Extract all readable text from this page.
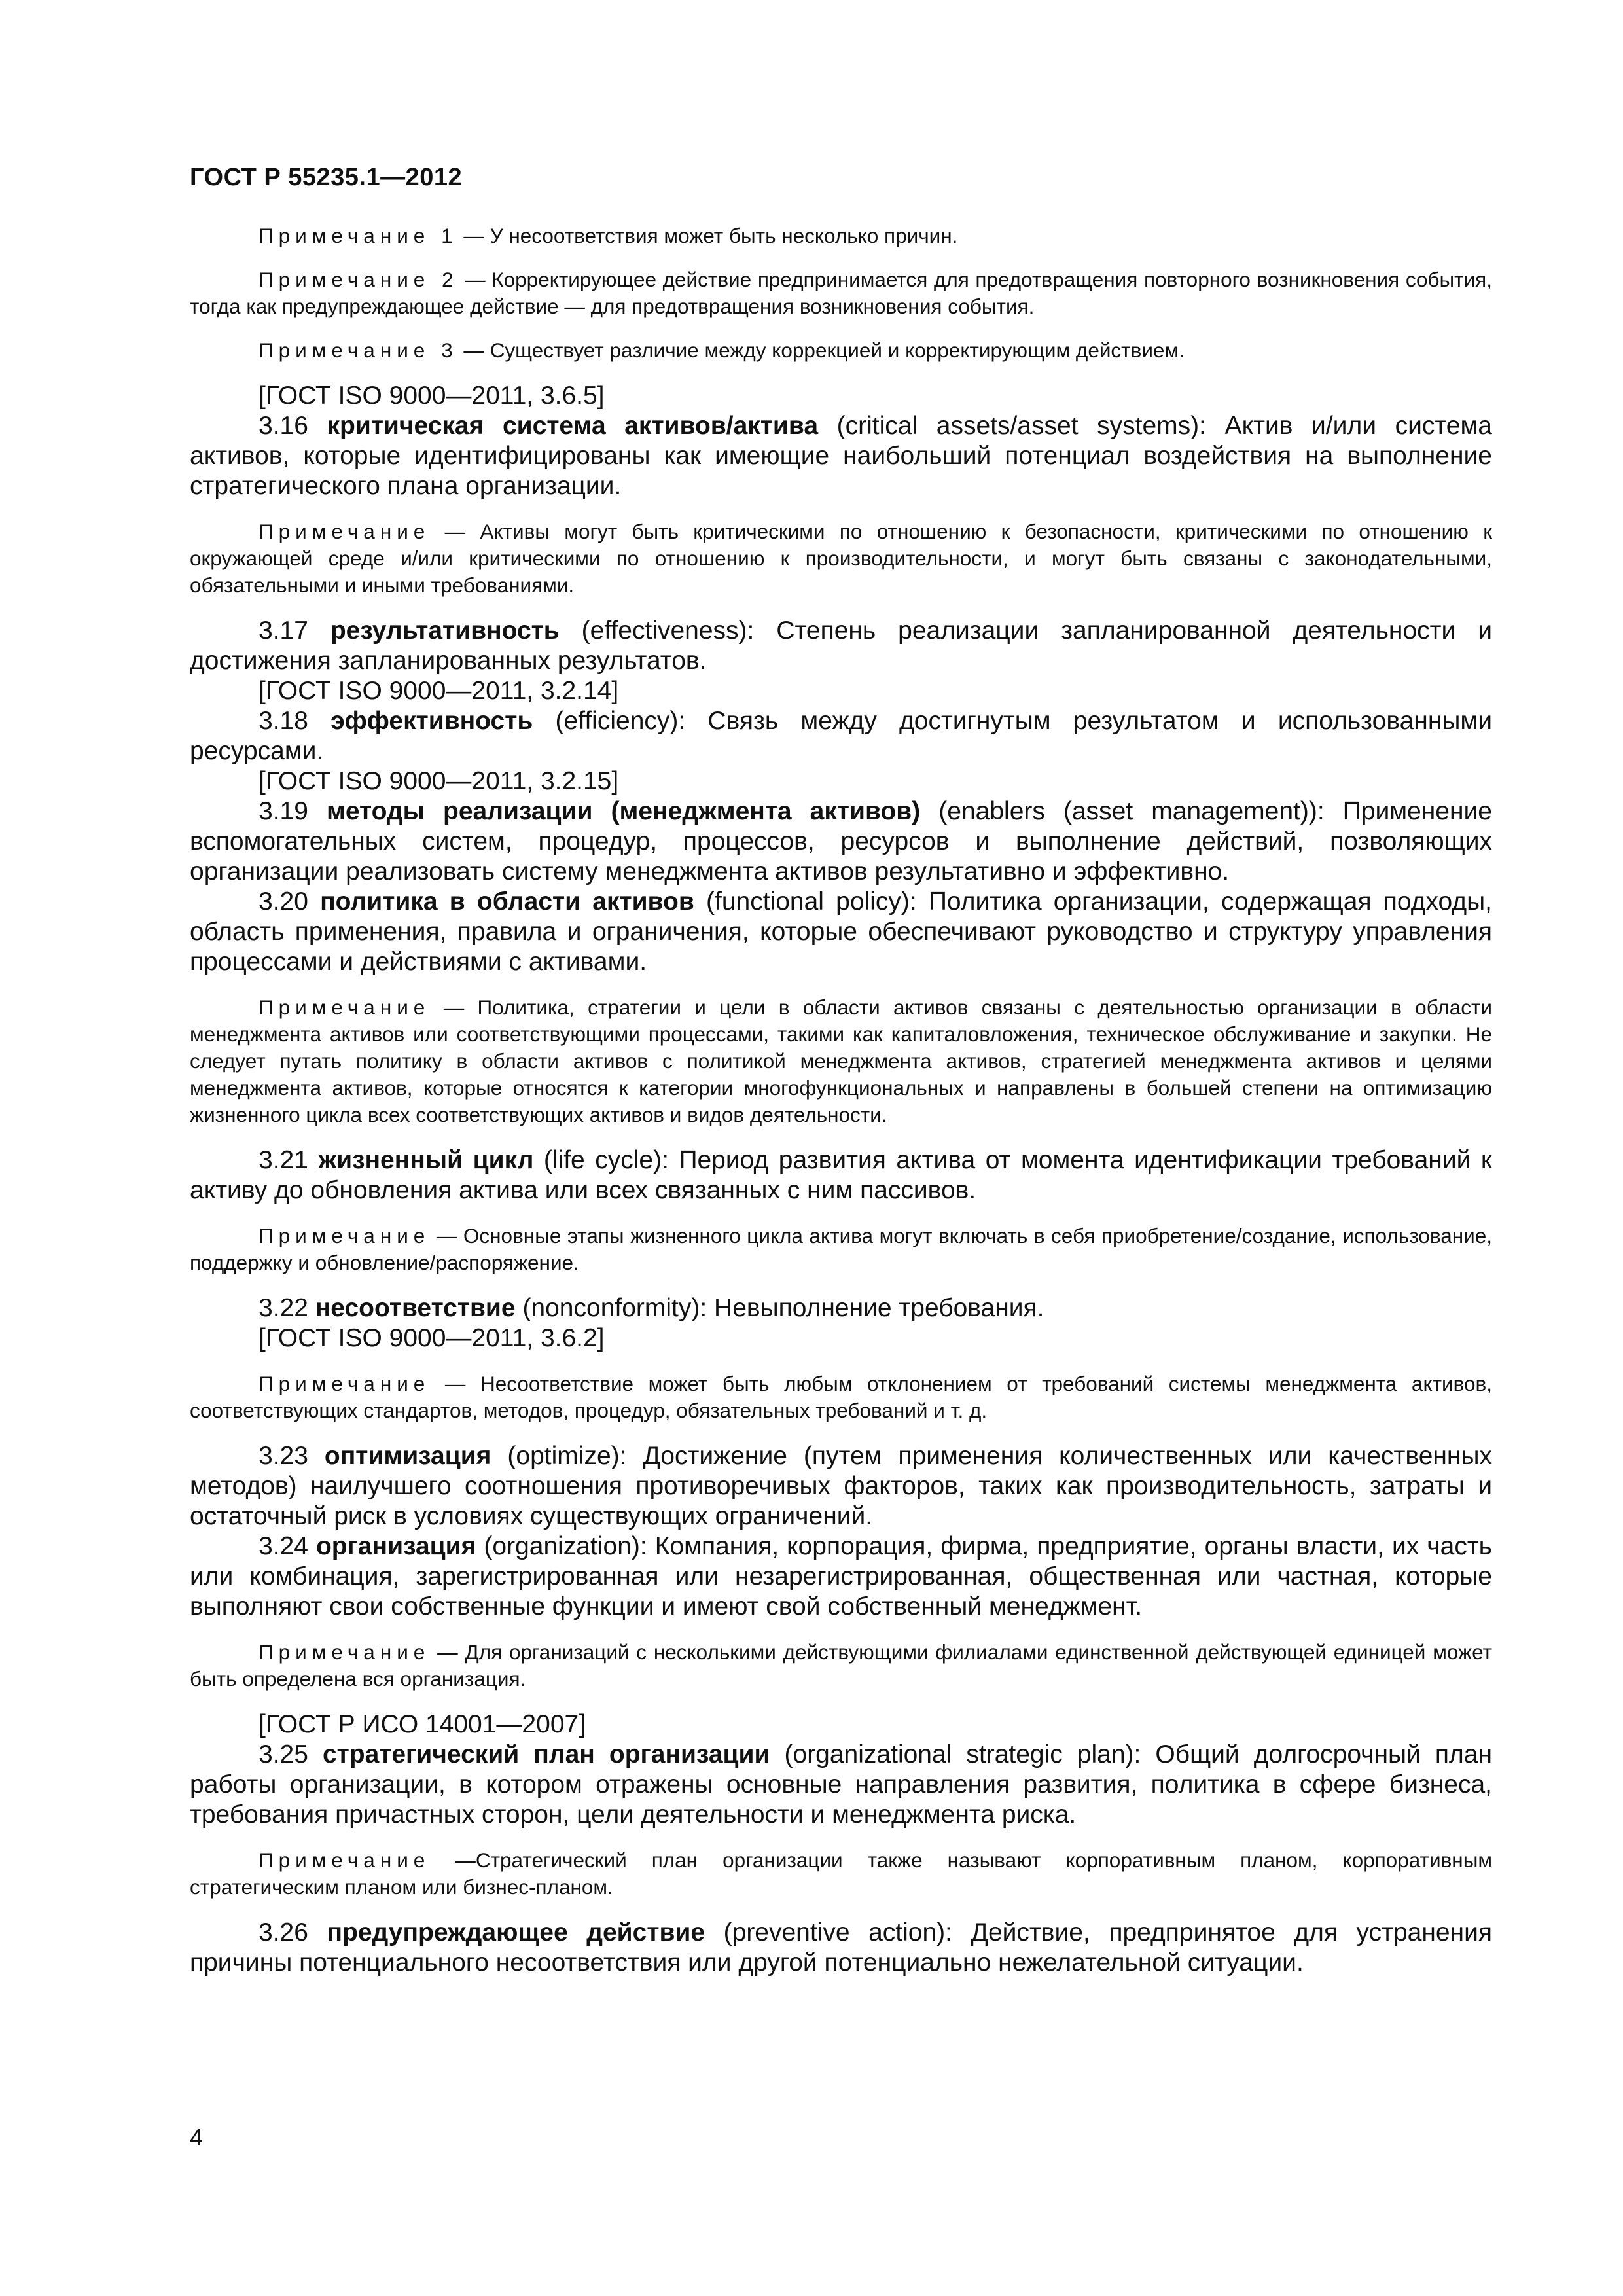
ГОСТ Р 55235.1—2012

Примечание 1 — У несоответствия может быть несколько причин.

Примечание 2 — Корректирующее действие предпринимается для предотвращения повторного возникновения события, тогда как предупреждающее действие — для предотвращения возникновения события.

Примечание 3 — Существует различие между коррекцией и корректирующим действием.

[ГОСТ ISO 9000—2011, 3.6.5]

3.16 критическая система активов/актива (critical assets/asset systems): Актив и/или система активов, которые идентифицированы как имеющие наибольший потенциал воздействия на выполнение стратегического плана организации.

Примечание — Активы могут быть критическими по отношению к безопасности, критическими по отношению к окружающей среде и/или критическими по отношению к производительности, и могут быть связаны с законодательными, обязательными и иными требованиями.

3.17 результативность (effectiveness): Степень реализации запланированной деятельности и достижения запланированных результатов.

[ГОСТ ISO 9000—2011, 3.2.14]

3.18 эффективность (efficiency): Связь между достигнутым результатом и использованными ресурсами.

[ГОСТ ISO 9000—2011, 3.2.15]

3.19 методы реализации (менеджмента активов) (enablers (asset management)): Применение вспомогательных систем, процедур, процессов, ресурсов и выполнение действий, позволяющих организации реализовать систему менеджмента активов результативно и эффективно.

3.20 политика в области активов (functional policy): Политика организации, содержащая подходы, область применения, правила и ограничения, которые обеспечивают руководство и структуру управления процессами и действиями с активами.

Примечание — Политика, стратегии и цели в области активов связаны с деятельностью организации в области менеджмента активов или соответствующими процессами, такими как капиталовложения, техническое обслуживание и закупки. Не следует путать политику в области активов с политикой менеджмента активов, стратегией менеджмента активов и целями менеджмента активов, которые относятся к категории многофункциональных и направлены в большей степени на оптимизацию жизненного цикла всех соответствующих активов и видов деятельности.

3.21 жизненный цикл (life cycle): Период развития актива от момента идентификации требований к активу до обновления актива или всех связанных с ним пассивов.

Примечание — Основные этапы жизненного цикла актива могут включать в себя приобретение/создание, использование, поддержку и обновление/распоряжение.

3.22 несоответствие (nonconformity): Невыполнение требования.

[ГОСТ ISO 9000—2011, 3.6.2]

Примечание — Несоответствие может быть любым отклонением от требований системы менеджмента активов, соответствующих стандартов, методов, процедур, обязательных требований и т. д.

3.23 оптимизация (optimize): Достижение (путем применения количественных или качественных методов) наилучшего соотношения противоречивых факторов, таких как производительность, затраты и остаточный риск в условиях существующих ограничений.

3.24 организация (organization): Компания, корпорация, фирма, предприятие, органы власти, их часть или комбинация, зарегистрированная или незарегистрированная, общественная или частная, которые выполняют свои собственные функции и имеют свой собственный менеджмент.

Примечание — Для организаций с несколькими действующими филиалами единственной действующей единицей может быть определена вся организация.

[ГОСТ Р ИСО 14001—2007]

3.25 стратегический план организации (organizational strategic plan): Общий долгосрочный план работы организации, в котором отражены основные направления развития, политика в сфере бизнеса, требования причастных сторон, цели деятельности и менеджмента риска.

Примечание —Стратегический план организации также называют корпоративным планом, корпоративным стратегическим планом или бизнес-планом.

3.26 предупреждающее действие (preventive action): Действие, предпринятое для устранения причины потенциального несоответствия или другой потенциально нежелательной ситуации.

4
